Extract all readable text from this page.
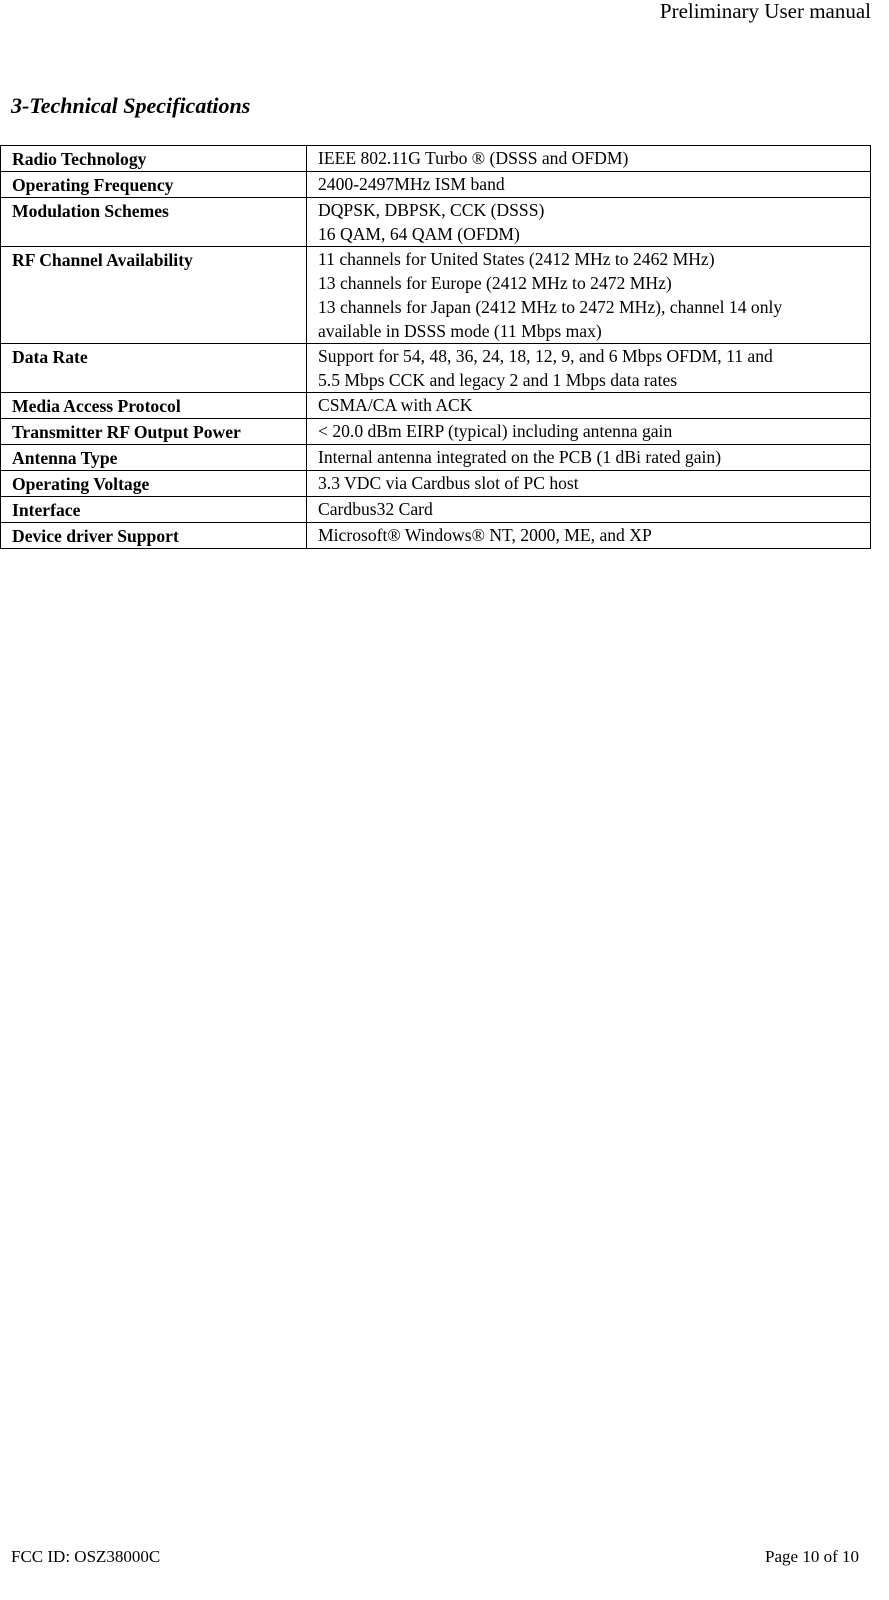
Preliminary User manual
3-Technical Specifications
Radio Technology	IEEE 802.11G Turbo ® (DSSS and OFDM)

Operating Frequency	2400-2497MHz ISM band

Modulation Schemes	DQPSK, DBPSK, CCK (DSSS)
16 QAM, 64 QAM (OFDM)

RF Channel Availability	11 channels for United States (2412 MHz to 2462 MHz)
13 channels for Europe (2412 MHz to 2472 MHz)
13 channels for Japan (2412 MHz to 2472 MHz), channel 14 only
available in DSSS mode (11 Mbps max)

Data Rate	Support for 54, 48, 36, 24, 18, 12, 9, and 6 Mbps OFDM, 11 and
5.5 Mbps CCK and legacy 2 and 1 Mbps data rates

Media Access Protocol	CSMA/CA with ACK

Transmitter RF Output Power	< 20.0 dBm EIRP (typical) including antenna gain

Antenna Type	Internal antenna integrated on the PCB (1 dBi rated gain)

Operating Voltage	3.3 VDC via Cardbus slot of PC host

Interface	Cardbus32 Card

Device driver Support	Microsoft® Windows® NT, 2000, ME, and XP
FCC ID: OSZ38000C	Page 10 of 10
